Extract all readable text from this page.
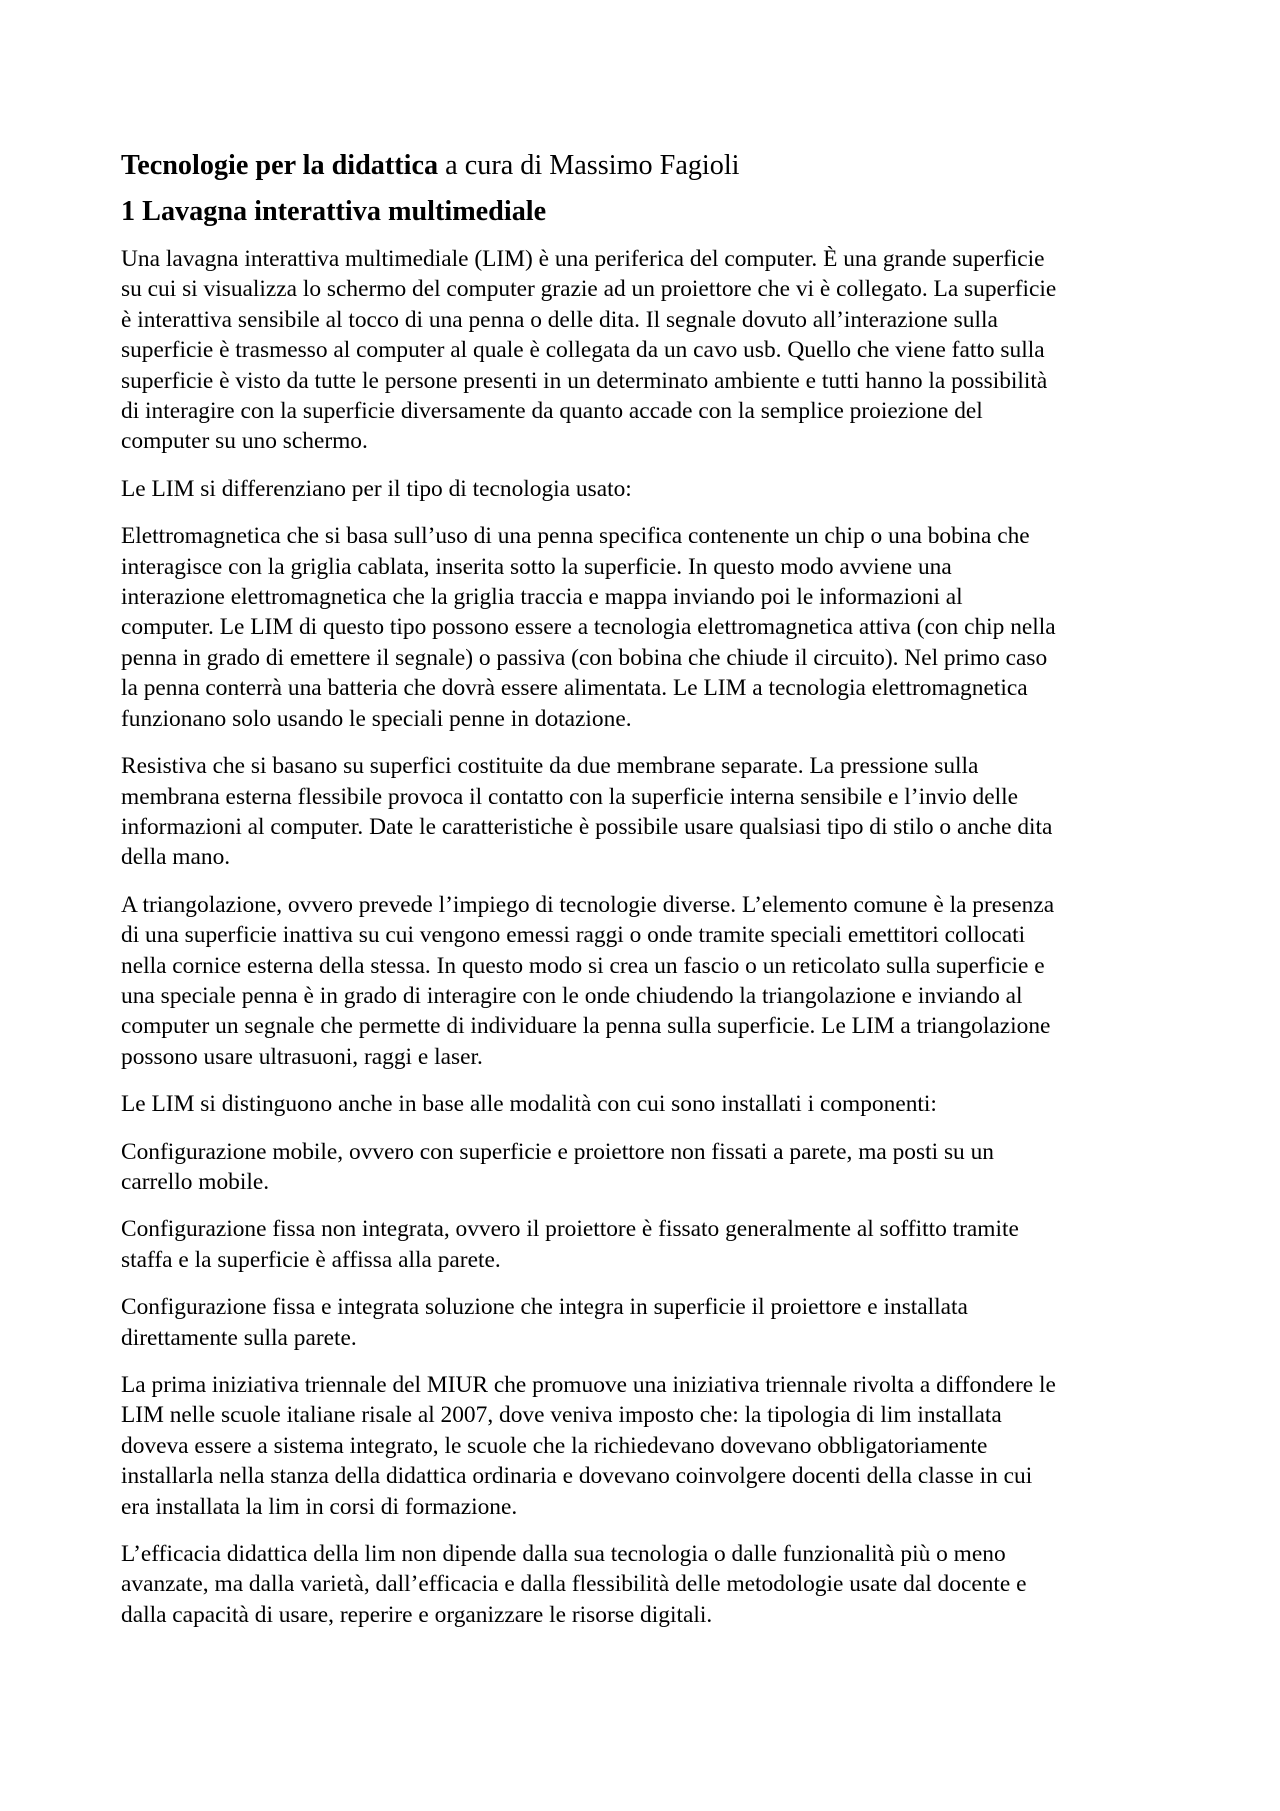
Tecnologie per la didattica a cura di Massimo Fagioli
1 Lavagna interattiva multimediale

Una lavagna interattiva multimediale (LIM) è una periferica del computer. È una grande superficie
su cui si visualizza lo schermo del computer grazie ad un proiettore che vi è collegato. La superficie
è interattiva sensibile al tocco di una penna o delle dita. Il segnale dovuto all’interazione sulla
superficie è trasmesso al computer al quale è collegata da un cavo usb. Quello che viene fatto sulla
superficie è visto da tutte le persone presenti in un determinato ambiente e tutti hanno la possibilità
di interagire con la superficie diversamente da quanto accade con la semplice proiezione del
computer su uno schermo.

Le LIM si differenziano per il tipo di tecnologia usato:

Elettromagnetica che si basa sull’uso di una penna specifica contenente un chip o una bobina che
interagisce con la griglia cablata, inserita sotto la superficie. In questo modo avviene una
interazione elettromagnetica che la griglia traccia e mappa inviando poi le informazioni al
computer. Le LIM di questo tipo possono essere a tecnologia elettromagnetica attiva (con chip nella
penna in grado di emettere il segnale) o passiva (con bobina che chiude il circuito). Nel primo caso
la penna conterrà una batteria che dovrà essere alimentata. Le LIM a tecnologia elettromagnetica
funzionano solo usando le speciali penne in dotazione.

Resistiva che si basano su superfici costituite da due membrane separate. La pressione sulla
membrana esterna flessibile provoca il contatto con la superficie interna sensibile e l’invio delle
informazioni al computer. Date le caratteristiche è possibile usare qualsiasi tipo di stilo o anche dita
della mano.

A triangolazione, ovvero prevede l’impiego di tecnologie diverse. L’elemento comune è la presenza
di una superficie inattiva su cui vengono emessi raggi o onde tramite speciali emettitori collocati
nella cornice esterna della stessa. In questo modo si crea un fascio o un reticolato sulla superficie e
una speciale penna è in grado di interagire con le onde chiudendo la triangolazione e inviando al
computer un segnale che permette di individuare la penna sulla superficie. Le LIM a triangolazione
possono usare ultrasuoni, raggi e laser.

Le LIM si distinguono anche in base alle modalità con cui sono installati i componenti:

Configurazione mobile, ovvero con superficie e proiettore non fissati a parete, ma posti su un
carrello mobile.

Configurazione fissa non integrata, ovvero il proiettore è fissato generalmente al soffitto tramite
staffa e la superficie è affissa alla parete.

Configurazione fissa e integrata soluzione che integra in superficie il proiettore e installata
direttamente sulla parete.

La prima iniziativa triennale del MIUR che promuove una iniziativa triennale rivolta a diffondere le
LIM nelle scuole italiane risale al 2007, dove veniva imposto che: la tipologia di lim installata
doveva essere a sistema integrato, le scuole che la richiedevano dovevano obbligatoriamente
installarla nella stanza della didattica ordinaria e dovevano coinvolgere docenti della classe in cui
era installata la lim in corsi di formazione.

L’efficacia didattica della lim non dipende dalla sua tecnologia o dalle funzionalità più o meno
avanzate, ma dalla varietà, dall’efficacia e dalla flessibilità delle metodologie usate dal docente e
dalla capacità di usare, reperire e organizzare le risorse digitali.
